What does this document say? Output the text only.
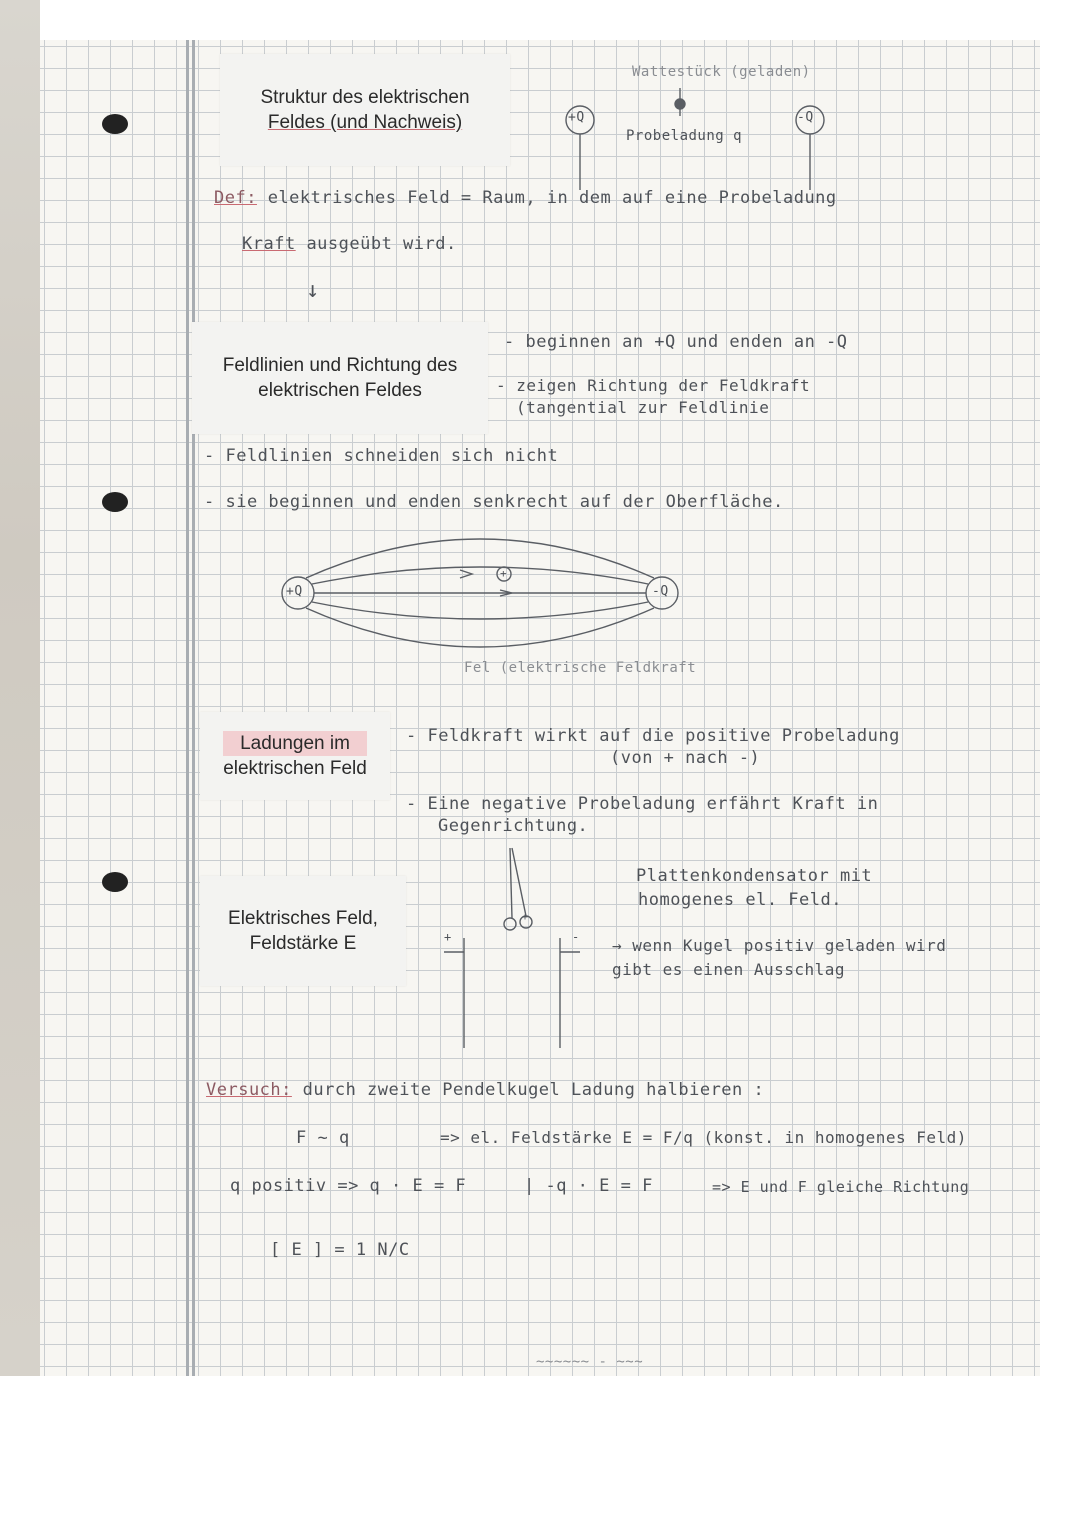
Struktur des elektrischen
Feldes (und Nachweis)
Feldlinien und Richtung des
elektrischen Feldes
Ladungen im
elektrischen Feld
Elektrisches Feld,
Feldstärke E
+Q	-Q
Wattestück (geladen)
Probeladung q
Def: elektrisches Feld = Raum, in dem auf eine Probeladung
Kraft ausgeübt wird.
↓
- beginnen an +Q und enden an -Q
- zeigen Richtung der Feldkraft
(tangential zur Feldlinie
- Feldlinien schneiden sich nicht
- sie beginnen und enden senkrecht auf der Oberfläche.
+Q	-Q
+
Fel (elektrische Feldkraft
- Feldkraft wirkt auf die positive Probeladung
(von + nach -)
- Eine negative Probeladung erfährt Kraft in
Gegenrichtung.
+	-
+
Plattenkondensator mit
homogenes el. Feld.
→ wenn Kugel positiv geladen wird
gibt es einen Ausschlag
Versuch: durch zweite Pendelkugel Ladung halbieren :
F ~ q	=> el. Feldstärke E = F/q (konst. in homogenes Feld)
q positiv => q · E = F	| -q · E = F	=> E und F gleiche Richtung
[ E ] = 1 N/C
~~~~~~ - ~~~
